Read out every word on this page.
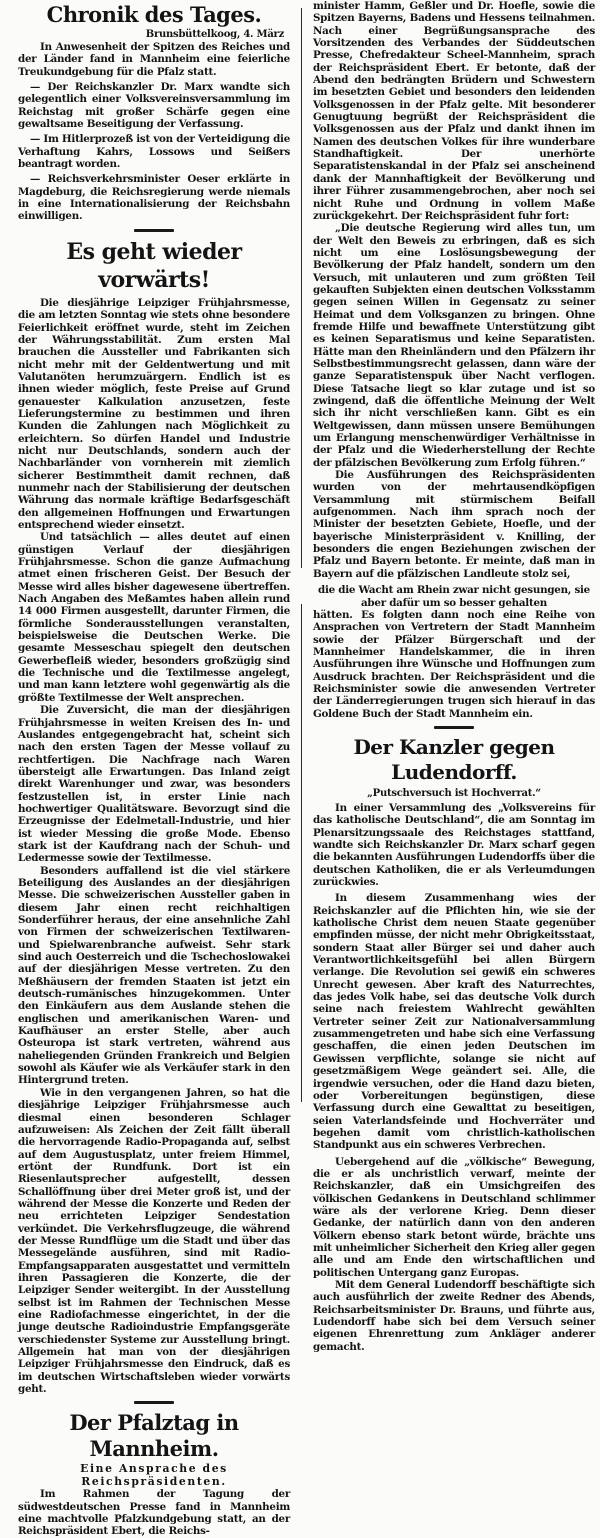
Chronik des Tages.
Brunsbüttelkoog, 4. März

In Anwesenheit der Spitzen des Reiches und der Länder fand in Mannheim eine feierliche Treukundgebung für die Pfalz statt.

— Der Reichskanzler Dr. Marx wandte sich gelegentlich einer Volksvereinsversammlung im Reichstag mit großer Schärfe gegen eine gewaltsame Beseitigung der Verfassung.

— Im Hitlerprozeß ist von der Verteidigung die Verhaftung Kahrs, Lossows und Seißers beantragt worden.

— Reichsverkehrsminister Oeser erklärte in Magdeburg, die Reichsregierung werde niemals in eine Internationalisierung der Reichsbahn einwilligen.

Es geht wieder vorwärts!

Die diesjährige Leipziger Frühjahrsmesse, die am letzten Sonntag wie stets ohne besondere Feierlichkeit eröffnet wurde, steht im Zeichen der Währungsstabilität. Zum ersten Mal brauchen die Aussteller und Fabrikanten sich nicht mehr mit der Geldentwertung und mit Valutanöten herumzuärgern. Endlich ist es ihnen wieder möglich, feste Preise auf Grund genauester Kalkulation anzusetzen, feste Lieferungstermine zu bestimmen und ihren Kunden die Zahlungen nach Möglichkeit zu erleichtern. So dürfen Handel und Industrie nicht nur Deutschlands, sondern auch der Nachbarländer von vornherein mit ziemlich sicherer Bestimmtheit damit rechnen, daß nunmehr nach der Stabilisierung der deutschen Währung das normale kräftige Bedarfsgeschäft den allgemeinen Hoffnungen und Erwartungen entsprechend wieder einsetzt.

Und tatsächlich — alles deutet auf einen günstigen Verlauf der diesjährigen Frühjahrsmesse. Schon die ganze Aufmachung atmet einen frischeren Geist. Der Besuch der Messe wird alles bisher dagewesene übertreffen. Nach Angaben des Meßamtes haben allein rund 14 000 Firmen ausgestellt, darunter Firmen, die förmliche Sonderausstellungen veranstalten, beispielsweise die Deutschen Werke. Die gesamte Messeschau spiegelt den deutschen Gewerbefleiß wieder, besonders großzügig sind die Technische und die Textilmesse angelegt, und man kann letztere wohl gegenwärtig als die größte Textilmesse der Welt ansprechen.

Die Zuversicht, die man der diesjährigen Frühjahrsmesse in weiten Kreisen des In- und Auslandes entgegengebracht hat, scheint sich nach den ersten Tagen der Messe vollauf zu rechtfertigen. Die Nachfrage nach Waren übersteigt alle Erwartungen. Das Inland zeigt direkt Warenhunger und zwar, was besonders festzustellen ist, in erster Linie nach hochwertiger Qualitätsware. Bevorzugt sind die Erzeugnisse der Edelmetall-Industrie, und hier ist wieder Messing die große Mode. Ebenso stark ist der Kaufdrang nach der Schuh- und Ledermesse sowie der Textilmesse.

Besonders auffallend ist die viel stärkere Beteiligung des Auslandes an der diesjährigen Messe. Die schweizerischen Aussteller gaben in diesem Jahr einen recht reichhaltigen Sonderführer heraus, der eine ansehnliche Zahl von Firmen der schweizerischen Textilwaren- und Spielwarenbranche aufweist. Sehr stark sind auch Oesterreich und die Tschechoslowakei auf der diesjährigen Messe vertreten. Zu den Meßhäusern der fremden Staaten ist jetzt ein deutsch-rumänisches hinzugekommen. Unter den Einkäufern aus dem Auslande stehen die englischen und amerikanischen Waren- und Kaufhäuser an erster Stelle, aber auch Osteuropa ist stark vertreten, während aus naheliegenden Gründen Frankreich und Belgien sowohl als Käufer wie als Verkäufer stark in den Hintergrund treten.

Wie in den vergangenen Jahren, so hat die diesjährige Leipziger Frühjahrsmesse auch diesmal einen besonderen Schlager aufzuweisen: Als Zeichen der Zeit fällt überall die hervorragende Radio-Propaganda auf, selbst auf dem Augustusplatz, unter freiem Himmel, ertönt der Rundfunk. Dort ist ein Riesenlautsprecher aufgestellt, dessen Schallöffnung über drei Meter groß ist, und der während der Messe die Konzerte und Reden der neu errichteten Leipziger Sendestation verkündet. Die Verkehrsflugzeuge, die während der Messe Rundflüge um die Stadt und über das Messegelände ausführen, sind mit Radio-Empfangsapparaten ausgestattet und vermitteln ihren Passagieren die Konzerte, die der Leipziger Sender weitergibt. In der Ausstellung selbst ist im Rahmen der Technischen Messe eine Radiofachmesse eingerichtet, in der die junge deutsche Radioindustrie Empfangsgeräte verschiedenster Systeme zur Ausstellung bringt. Allgemein hat man von der diesjährigen Leipziger Frühjahrsmesse den Eindruck, daß es im deutschen Wirtschaftsleben wieder vorwärts geht.

Der Pfalztag in Mannheim.
Eine Ansprache des Reichspräsidenten.

Im Rahmen der Tagung der südwestdeutschen Presse fand in Mannheim eine machtvolle Pfalzkundgebung statt, an der Reichspräsident Ebert, die Reichs-

minister Hamm, Geßler und Dr. Hoefle, sowie die Spitzen Bayerns, Badens und Hessens teilnahmen. Nach einer Begrüßungsansprache des Vorsitzenden des Verbandes der Süddeutschen Presse, Chefredakteur Scheel-Mannheim, sprach der Reichspräsident Ebert. Er betonte, daß der Abend den bedrängten Brüdern und Schwestern im besetzten Gebiet und besonders den leidenden Volksgenossen in der Pfalz gelte. Mit besonderer Genugtuung begrüßt der Reichspräsident die Volksgenossen aus der Pfalz und dankt ihnen im Namen des deutschen Volkes für ihre wunderbare Standhaftigkeit. Der unerhörte Separatistenskandal in der Pfalz sei anscheinend dank der Mannhaftigkeit der Bevölkerung und ihrer Führer zusammengebrochen, aber noch sei nicht Ruhe und Ordnung in vollem Maße zurückgekehrt. Der Reichspräsident fuhr fort:

„Die deutsche Regierung wird alles tun, um der Welt den Beweis zu erbringen, daß es sich nicht um eine Loslösungsbewegung der Bevölkerung der Pfalz handelt, sondern um den Versuch, mit unlauteren und zum größten Teil gekauften Subjekten einen deutschen Volksstamm gegen seinen Willen in Gegensatz zu seiner Heimat und dem Volksganzen zu bringen. Ohne fremde Hilfe und bewaffnete Unterstützung gibt es keinen Separatismus und keine Separatisten. Hätte man den Rheinländern und den Pfälzern ihr Selbstbestimmungsrecht gelassen, dann wäre der ganze Separatistenspuk über Nacht verflogen. Diese Tatsache liegt so klar zutage und ist so zwingend, daß die öffentliche Meinung der Welt sich ihr nicht verschließen kann. Gibt es ein Weltgewissen, dann müssen unsere Bemühungen um Erlangung menschenwürdiger Verhältnisse in der Pfalz und die Wiederherstellung der Rechte der pfälzischen Bevölkerung zum Erfolg führen.“

Die Ausführungen des Reichspräsidenten wurden von der mehrtausendköpfigen Versammlung mit stürmischem Beifall aufgenommen. Nach ihm sprach noch der Minister der besetzten Gebiete, Hoefle, und der bayerische Ministerpräsident v. Knilling, der besonders die engen Beziehungen zwischen der Pfalz und Bayern betonte. Er meinte, daß man in Bayern auf die pfälzischen Landleute stolz sei,

die die Wacht am Rhein zwar nicht gesungen, sie aber dafür um so besser gehalten

hätten. Es folgten dann noch eine Reihe von Ansprachen von Vertretern der Stadt Mannheim sowie der Pfälzer Bürgerschaft und der Mannheimer Handelskammer, die in ihren Ausführungen ihre Wünsche und Hoffnungen zum Ausdruck brachten. Der Reichspräsident und die Reichsminister sowie die anwesenden Vertreter der Länderregierungen trugen sich hierauf in das Goldene Buch der Stadt Mannheim ein.

Der Kanzler gegen Ludendorff.
„Putschversuch ist Hochverrat.“

In einer Versammlung des „Volksvereins für das katholische Deutschland“, die am Sonntag im Plenarsitzungssaale des Reichstages stattfand, wandte sich Reichskanzler Dr. Marx scharf gegen die bekannten Ausführungen Ludendorffs über die deutschen Katholiken, die er als Verleumdungen zurückwies.

In diesem Zusammenhang wies der Reichskanzler auf die Pflichten hin, wie sie der katholische Christ dem neuen Staate gegenüber empfinden müsse, der nicht mehr Obrigkeitsstaat, sondern Staat aller Bürger sei und daher auch Verantwortlichkeitsgefühl bei allen Bürgern verlange. Die Revolution sei gewiß ein schweres Unrecht gewesen. Aber kraft des Naturrechtes, das jedes Volk habe, sei das deutsche Volk durch seine nach freiestem Wahlrecht gewählten Vertreter seiner Zeit zur Nationalversammlung zusammengetreten und habe sich eine Verfassung geschaffen, die einen jeden Deutschen im Gewissen verpflichte, solange sie nicht auf gesetzmäßigem Wege geändert sei. Alle, die irgendwie versuchen, oder die Hand dazu bieten, oder Vorbereitungen begünstigen, diese Verfassung durch eine Gewalttat zu beseitigen, seien Vaterlandsfeinde und Hochverräter und begehen damit vom christlich-katholischen Standpunkt aus ein schweres Verbrechen.

Uebergehend auf die „völkische“ Bewegung, die er als unchristlich verwarf, meinte der Reichskanzler, daß ein Umsichgreifen des völkischen Gedankens in Deutschland schlimmer wäre als der verlorene Krieg. Denn dieser Gedanke, der natürlich dann von den anderen Völkern ebenso stark betont würde, brächte uns mit unheimlicher Sicherheit den Krieg aller gegen alle und am Ende den wirtschaftlichen und politischen Untergang ganz Europas.

Mit dem General Ludendorff beschäftigte sich auch ausführlich der zweite Redner des Abends, Reichsarbeitsminister Dr. Brauns, und führte aus, Ludendorff habe sich bei dem Versuch seiner eigenen Ehrenrettung zum Ankläger anderer gemacht.
